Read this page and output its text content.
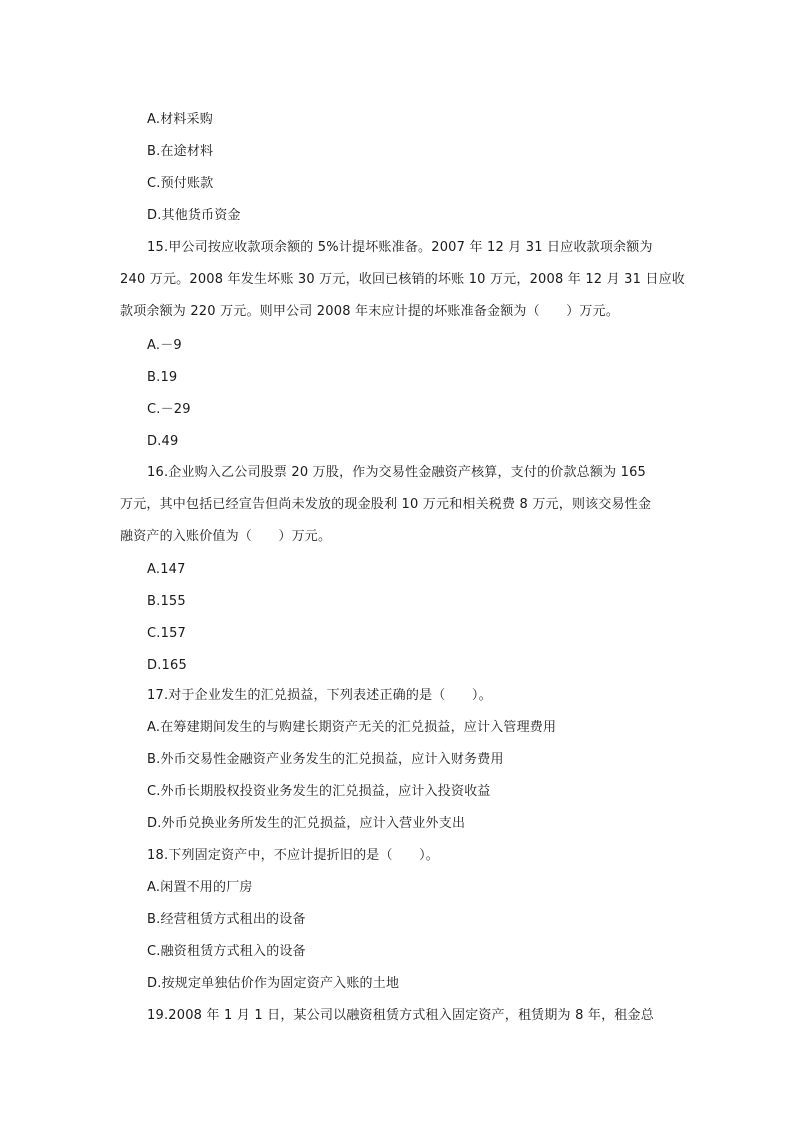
A.材料采购
B.在途材料
C.预付账款
D.其他货币资金
15.甲公司按应收款项余额的 5%计提坏账准备。2007 年 12 月 31 日应收款项余额为
240 万元。2008 年发生坏账 30 万元，收回已核销的坏账 10 万元，2008 年 12 月 31 日应收
款项余额为 220 万元。则甲公司 2008 年末应计提的坏账准备金额为（　　）万元。
A.－9
B.19
C.－29
D.49
16.企业购入乙公司股票 20 万股，作为交易性金融资产核算，支付的价款总额为 165
万元，其中包括已经宣告但尚未发放的现金股利 10 万元和相关税费 8 万元，则该交易性金
融资产的入账价值为（　　）万元。
A.147
B.155
C.157
D.165
17.对于企业发生的汇兑损益，下列表述正确的是（　　）。
A.在筹建期间发生的与购建长期资产无关的汇兑损益，应计入管理费用
B.外币交易性金融资产业务发生的汇兑损益，应计入财务费用
C.外币长期股权投资业务发生的汇兑损益，应计入投资收益
D.外币兑换业务所发生的汇兑损益，应计入营业外支出
18.下列固定资产中，不应计提折旧的是（　　）。
A.闲置不用的厂房
B.经营租赁方式租出的设备
C.融资租赁方式租入的设备
D.按规定单独估价作为固定资产入账的土地
19.2008 年 1 月 1 日，某公司以融资租赁方式租入固定资产，租赁期为 8 年，租金总
